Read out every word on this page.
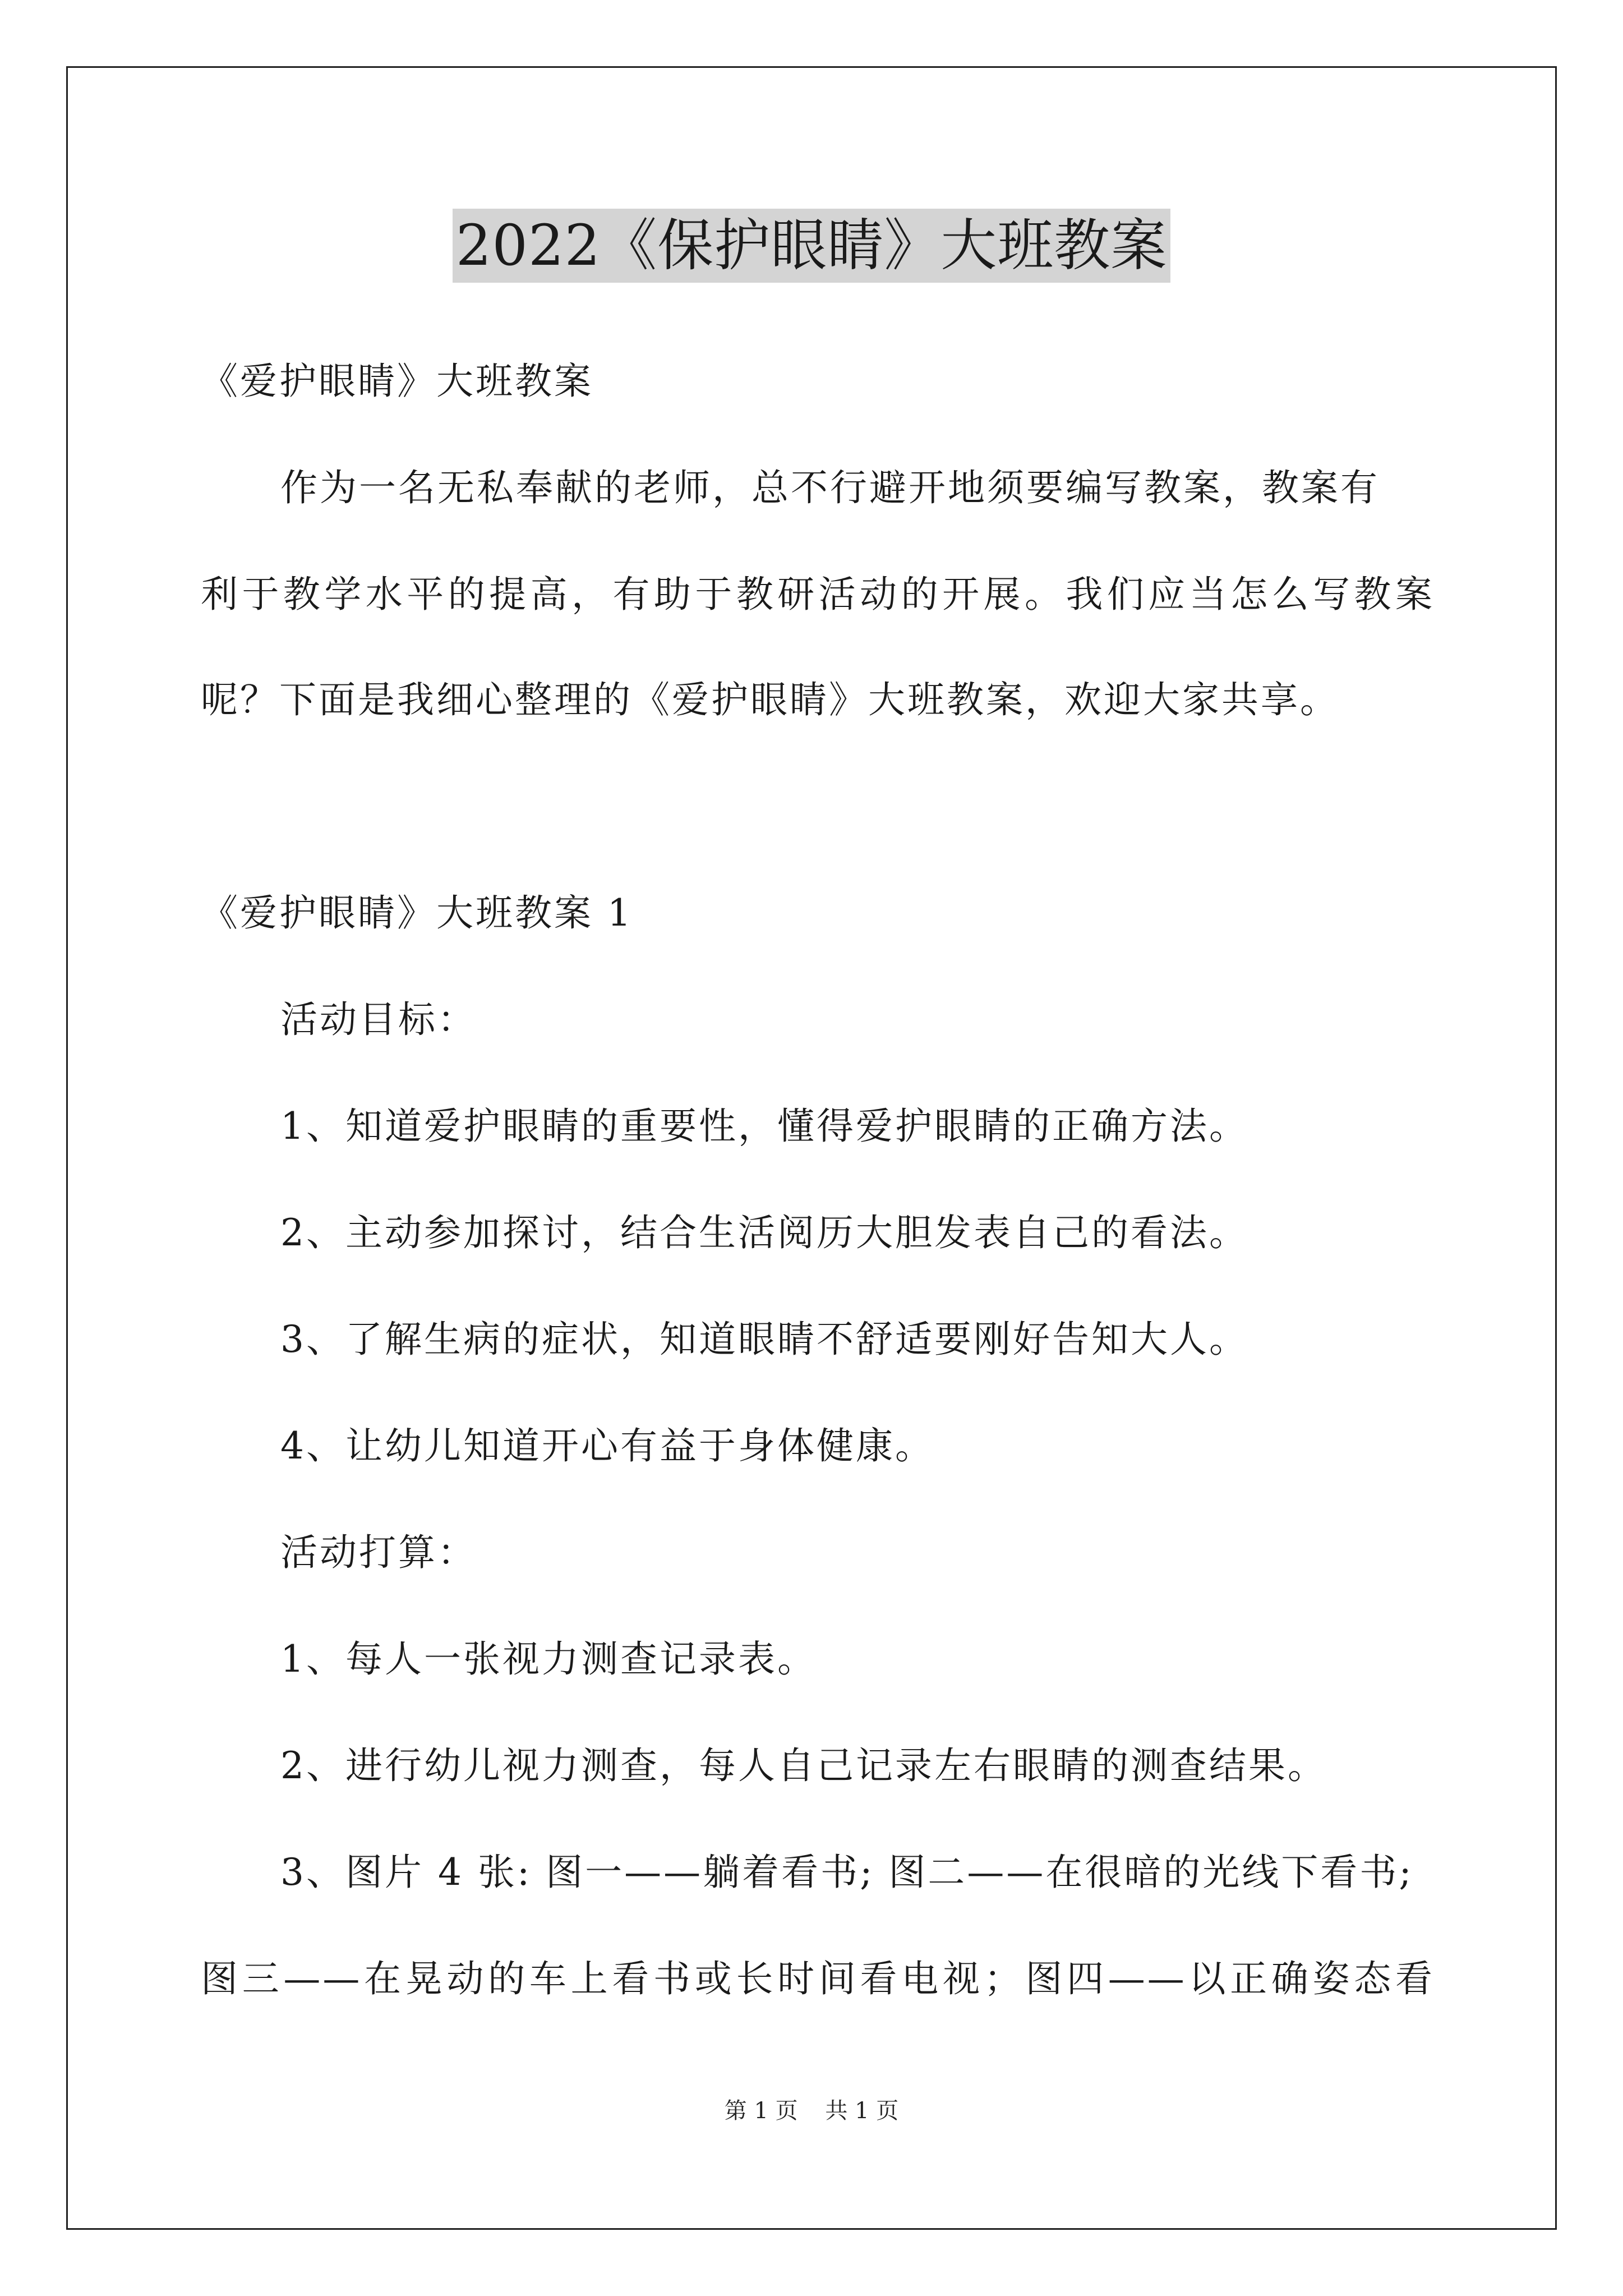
2022《保护眼睛》大班教案
《爱护眼睛》大班教案
作为一名无私奉献的老师，总不行避开地须要编写教案，教案有
利于教学水平的提高，有助于教研活动的开展。我们应当怎么写教案
呢？下面是我细心整理的《爱护眼睛》大班教案，欢迎大家共享。
《爱护眼睛》大班教案 1
活动目标：
1、知道爱护眼睛的重要性，懂得爱护眼睛的正确方法。
2、主动参加探讨，结合生活阅历大胆发表自己的看法。
3、了解生病的症状，知道眼睛不舒适要刚好告知大人。
4、让幼儿知道开心有益于身体健康。
活动打算：
1、每人一张视力测查记录表。
2、进行幼儿视力测查，每人自己记录左右眼睛的测查结果。
3、图片 4 张: 图一——躺着看书; 图二——在很暗的光线下看书;
图三——在晃动的车上看书或长时间看电视；图四——以正确姿态看
第 1 页 共 1 页
